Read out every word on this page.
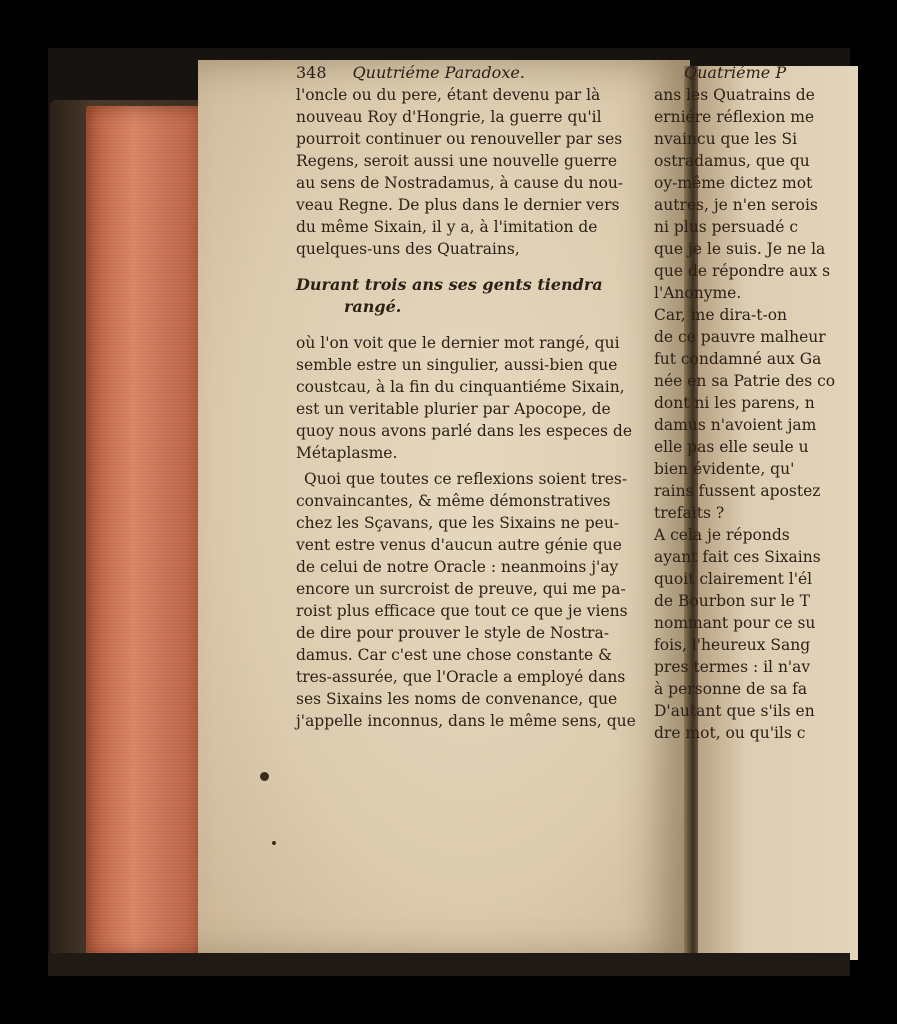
348 Quutriéme Paradoxe.
l'oncle ou du pere, étant devenu par là
nouveau Roy d'Hongrie, la guerre qu'il
pourroit continuer ou renouveller par ses
Regens, seroit aussi une nouvelle guerre
au sens de Nostradamus, à cause du nou-
veau Regne. De plus dans le dernier vers
du même Sixain, il y a, à l'imitation de
quelques-uns des Quatrains,
Durant trois ans ses gents tiendra
rangé.
où l'on voit que le dernier mot rangé, qui
semble estre un singulier, aussi-bien que
coustcau, à la fin du cinquantiéme Sixain,
est un veritable plurier par Apocope, de
quoy nous avons parlé dans les especes de
Métaplasme.
Quoi que toutes ce reflexions soient tres-
convaincantes, & même démonstratives
chez les Sçavans, que les Sixains ne peu-
vent estre venus d'aucun autre génie que
de celui de notre Oracle : neanmoins j'ay
encore un surcroist de preuve, qui me pa-
roist plus efficace que tout ce que je viens
de dire pour prouver le style de Nostra-
damus. Car c'est une chose constante &
tres-assurée, que l'Oracle a employé dans
ses Sixains les noms de convenance, que
j'appelle inconnus, dans le même sens, que
Quatriéme P
ans les Quatrains de
erniére réflexion me
nvaincu que les Si
ostradamus, que qu
oy-même dictez mot
autres, je n'en serois
ni plus persuadé c
que je le suis. Je ne la
que de répondre aux s
l'Anonyme.
Car, me dira-t-on
de ce pauvre malheur
fut condamné aux Ga
née en sa Patrie des co
dont ni les parens, n
damus n'avoient jam
elle pas elle seule u
bien évidente, qu'
rains fussent apostez
trefaits ?
A cela je réponds
ayant fait ces Sixains
quoit clairement l'él
de Bourbon sur le T
nommant pour ce su
fois, l'heureux Sang
pres termes : il n'av
à personne de sa fa
D'autant que s'ils en
dre mot, ou qu'ils c
